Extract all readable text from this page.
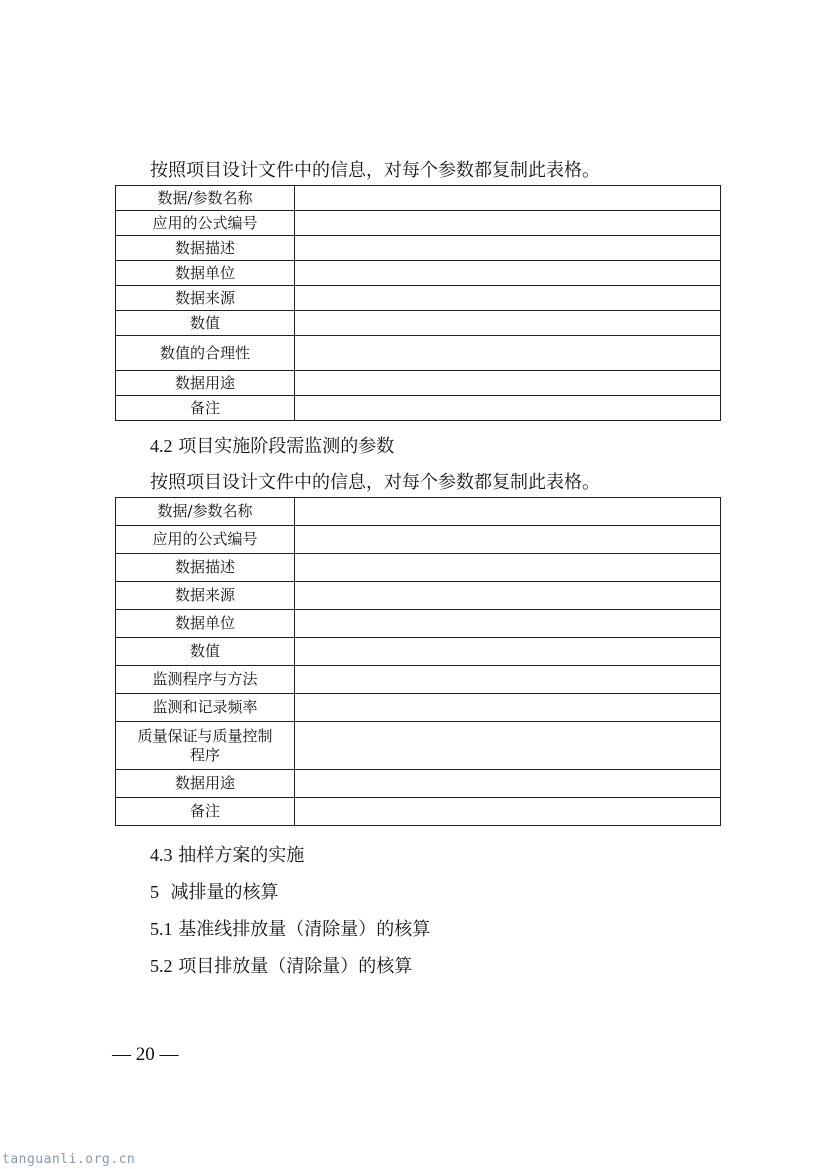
按照项目设计文件中的信息，对每个参数都复制此表格。

数据/参数名称	
应用的公式编号	
数据描述	
数据单位	
数据来源	
数值	
数值的合理性	
数据用途	
备注	

4.2 项目实施阶段需监测的参数

按照项目设计文件中的信息，对每个参数都复制此表格。

数据/参数名称	
应用的公式编号	
数据描述	
数据来源	
数据单位	
数值	
监测程序与方法	
监测和记录频率	
质量保证与质量控制
程序	
数据用途	
备注	

4.3 抽样方案的实施

5 减排量的核算

5.1 基准线排放量（清除量）的核算

5.2 项目排放量（清除量）的核算

— 20 —
tanguanli.org.cn
